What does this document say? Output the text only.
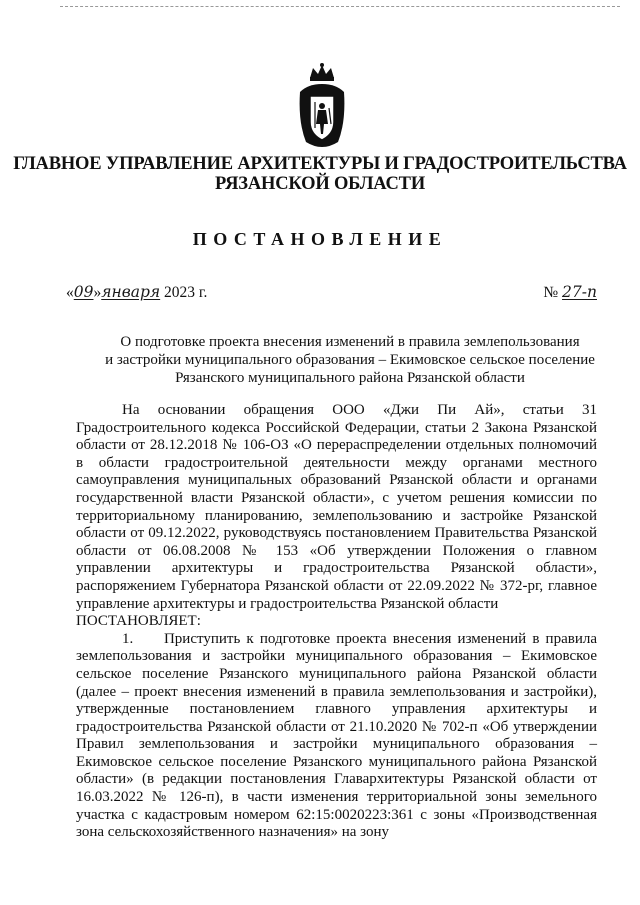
ГЛАВНОЕ УПРАВЛЕНИЕ АРХИТЕКТУРЫ И ГРАДОСТРОИТЕЛЬСТВА
РЯЗАНСКОЙ ОБЛАСТИ
ПОСТАНОВЛЕНИЕ
«09»января 2023 г.	№ 27-п
О подготовке проекта внесения изменений в правила землепользования
и застройки муниципального образования – Екимовское сельское поселение
Рязанского муниципального района Рязанской области

На основании обращения ООО «Джи Пи Ай», статьи 31 Градостроительного кодекса Российской Федерации, статьи 2 Закона Рязанской области от 28.12.2018 № 106-ОЗ «О перераспределении отдельных полномочий в области градостроительной деятельности между органами местного самоуправления муниципальных образований Рязанской области и органами государственной власти Рязанской области», с учетом решения комиссии по территориальному планированию, землепользованию и застройке Рязанской области от 09.12.2022, руководствуясь постановлением Правительства Рязанской области от 06.08.2008 № 153 «Об утверждении Положения о главном управлении архитектуры и градостроительства Рязанской области», распоряжением Губернатора Рязанской области от 22.09.2022 № 372-рг, главное управление архитектуры и градостроительства Рязанской области

ПОСТАНОВЛЯЕТ:

1. Приступить к подготовке проекта внесения изменений в правила землепользования и застройки муниципального образования – Екимовское сельское поселение Рязанского муниципального района Рязанской области (далее – проект внесения изменений в правила землепользования и застройки), утвержденные постановлением главного управления архитектуры и градостроительства Рязанской области от 21.10.2020 № 702-п «Об утверждении Правил землепользования и застройки муниципального образования – Екимовское сельское поселение Рязанского муниципального района Рязанской области» (в редакции постановления Главархитектуры Рязанской области от 16.03.2022 № 126-п), в части изменения территориальной зоны земельного участка с кадастровым номером 62:15:0020223:361 с зоны «Производственная зона сельскохозяйственного назначения» на зону
